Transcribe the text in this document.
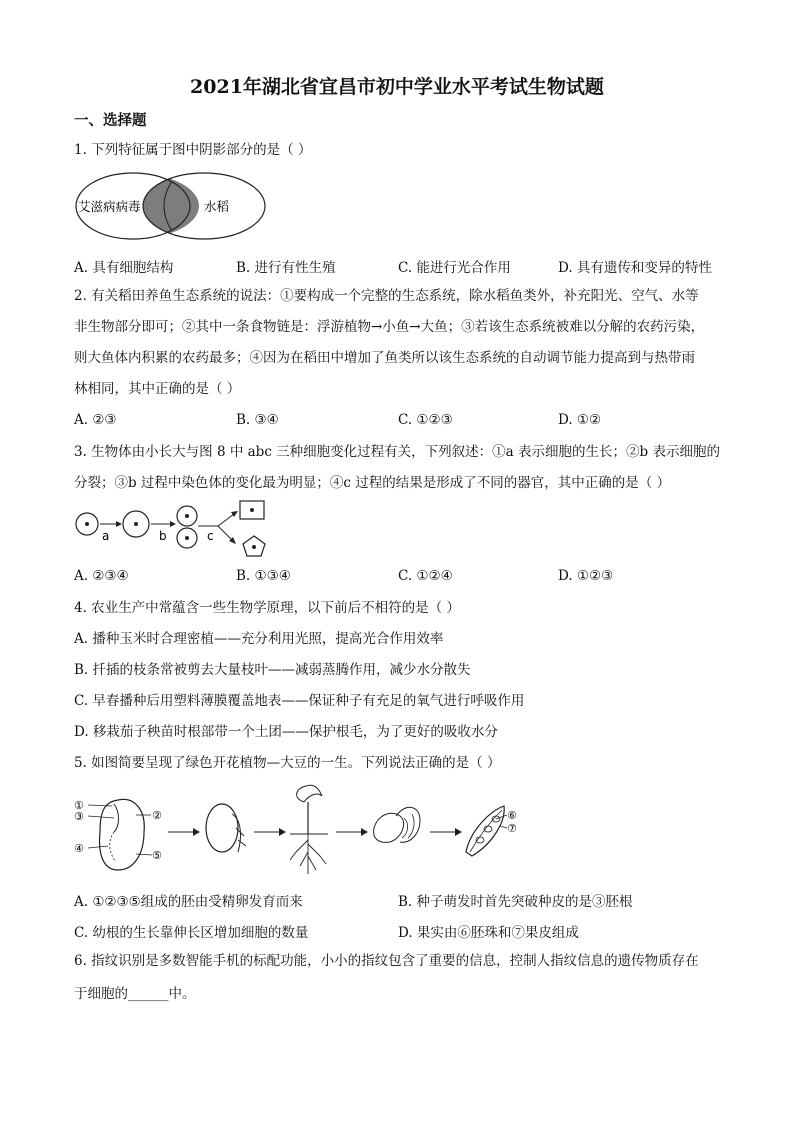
2021年湖北省宜昌市初中学业水平考试生物试题
一、选择题
1. 下列特征属于图中阴影部分的是（ ）
艾滋病病毒	水稻
A. 具有细胞结构	B. 进行有性生殖	C. 能进行光合作用	D. 具有遗传和变异的特性
2. 有关稻田养鱼生态系统的说法：①要构成一个完整的生态系统，除水稻鱼类外，补充阳光、空气、水等
非生物部分即可；②其中一条食物链是：浮游植物→小鱼→大鱼；③若该生态系统被难以分解的农药污染，
则大鱼体内积累的农药最多；④因为在稻田中增加了鱼类所以该生态系统的自动调节能力提高到与热带雨
林相同，其中正确的是（ ）
A. ②③	B. ③④	C. ①②③	D. ①②
3. 生物体由小长大与图 8 中 abc 三种细胞变化过程有关，下列叙述：①a 表示细胞的生长；②b 表示细胞的
分裂；③b 过程中染色体的变化最为明显；④c 过程的结果是形成了不同的器官，其中正确的是（ ）
a	b	c
A. ②③④	B. ①③④	C. ①②④	D. ①②③
4. 农业生产中常蕴含一些生物学原理，以下前后不相符的是（ ）
A. 播种玉米时合理密植——充分利用光照，提高光合作用效率
B. 扦插的枝条常被剪去大量枝叶——减弱蒸腾作用，减少水分散失
C. 早春播种后用塑料薄膜覆盖地表——保证种子有充足的氧气进行呼吸作用
D. 移栽茄子秧苗时根部带一个土团——保护根毛，为了更好的吸收水分
5. 如图简要呈现了绿色开花植物—大豆的一生。下列说法正确的是（ ）
①
②
③
④
⑤
⑥
⑦
A. ①②③⑤组成的胚由受精卵发育而来	B. 种子萌发时首先突破种皮的是③胚根
C. 幼根的生长靠伸长区增加细胞的数量	D. 果实由⑥胚珠和⑦果皮组成
6. 指纹识别是多数智能手机的标配功能，小小的指纹包含了重要的信息，控制人指纹信息的遗传物质存在
于细胞的______中。
